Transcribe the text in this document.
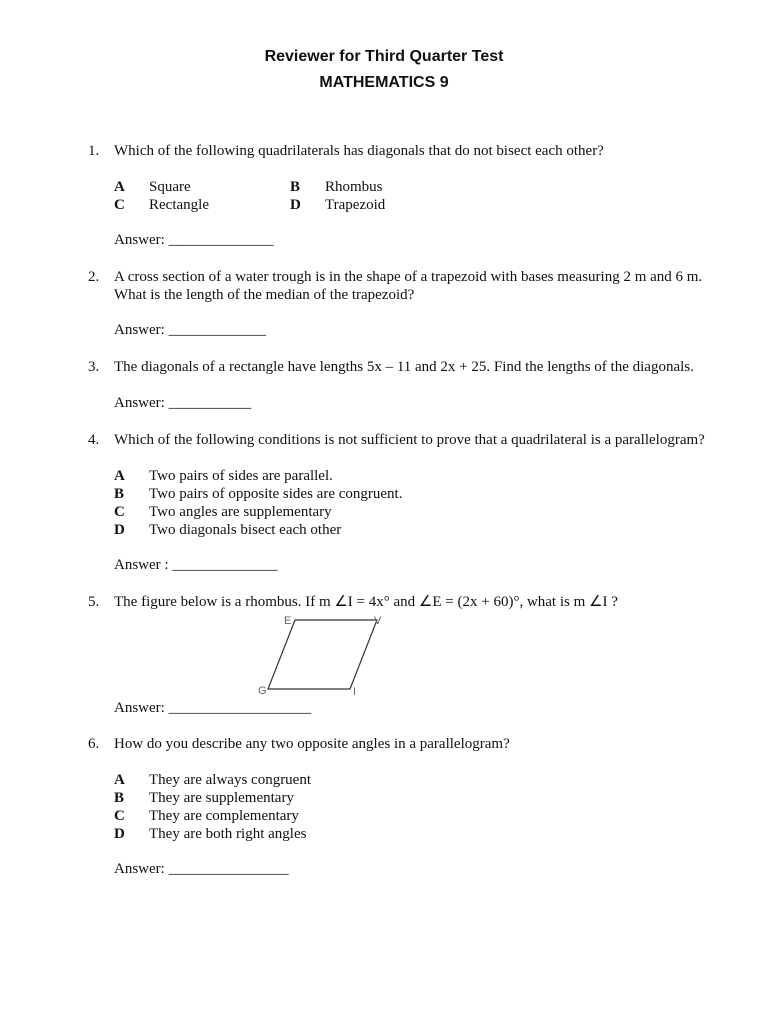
Reviewer for Third Quarter Test
MATHEMATICS 9
1. Which of the following quadrilaterals has diagonals that do not bisect each other?
A Square	B Rhombus
C Rectangle	D Trapezoid
Answer: ______________
2. A cross section of a water trough is in the shape of a trapezoid with bases measuring 2 m and 6 m.
What is the length of the median of the trapezoid?
Answer: _____________
3. The diagonals of a rectangle have lengths 5x – 11 and 2x + 25. Find the lengths of the diagonals.
Answer: ___________
4. Which of the following conditions is not sufficient to prove that a quadrilateral is a parallelogram?
A Two pairs of sides are parallel.
B Two pairs of opposite sides are congruent.
C Two angles are supplementary
D Two diagonals bisect each other
Answer : ______________
5. The figure below is a rhombus. If m ∠I = 4x° and ∠E = (2x + 60)°, what is m ∠I ?
E	V
G	I
Answer: ___________________
6. How do you describe any two opposite angles in a parallelogram?
A They are always congruent
B They are supplementary
C They are complementary
D They are both right angles
Answer: ________________
